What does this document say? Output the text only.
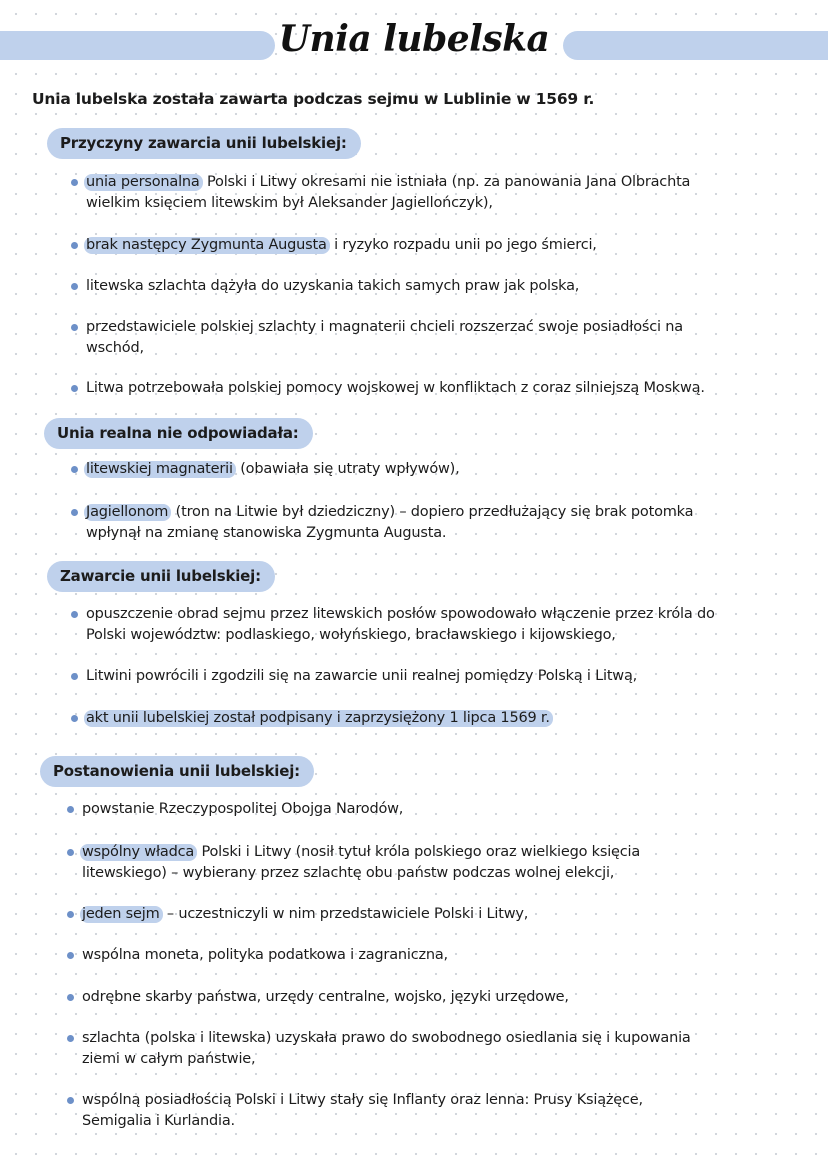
Unia lubelska

Unia lubelska została zawarta podczas sejmu w Lublinie w 1569 r.

Przyczyny zawarcia unii lubelskiej:

unia personalna Polski i Litwy okresami nie istniała (np. za panowania Jana Olbrachta
wielkim księciem litewskim był Aleksander Jagiellończyk),

brak następcy Zygmunta Augusta i ryzyko rozpadu unii po jego śmierci,

litewska szlachta dążyła do uzyskania takich samych praw jak polska,

przedstawiciele polskiej szlachty i magnaterii chcieli rozszerzać swoje posiadłości na
wschód,

Litwa potrzebowała polskiej pomocy wojskowej w konfliktach z coraz silniejszą Moskwą.

Unia realna nie odpowiadała:

litewskiej magnaterii (obawiała się utraty wpływów),

Jagiellonom (tron na Litwie był dziedziczny) – dopiero przedłużający się brak potomka
wpłynął na zmianę stanowiska Zygmunta Augusta.

Zawarcie unii lubelskiej:

opuszczenie obrad sejmu przez litewskich posłów spowodowało włączenie przez króla do
Polski województw: podlaskiego, wołyńskiego, bracławskiego i kijowskiego,

Litwini powrócili i zgodzili się na zawarcie unii realnej pomiędzy Polską i Litwą,

akt unii lubelskiej został podpisany i zaprzysiężony 1 lipca 1569 r.

Postanowienia unii lubelskiej:

powstanie Rzeczypospolitej Obojga Narodów,

wspólny władca Polski i Litwy (nosił tytuł króla polskiego oraz wielkiego księcia
litewskiego) – wybierany przez szlachtę obu państw podczas wolnej elekcji,

jeden sejm – uczestniczyli w nim przedstawiciele Polski i Litwy,

wspólna moneta, polityka podatkowa i zagraniczna,

odrębne skarby państwa, urzędy centralne, wojsko, języki urzędowe,

szlachta (polska i litewska) uzyskała prawo do swobodnego osiedlania się i kupowania
ziemi w całym państwie,

wspólną posiadłością Polski i Litwy stały się Inflanty oraz lenna: Prusy Książęce,
Semigalia i Kurlandia.
